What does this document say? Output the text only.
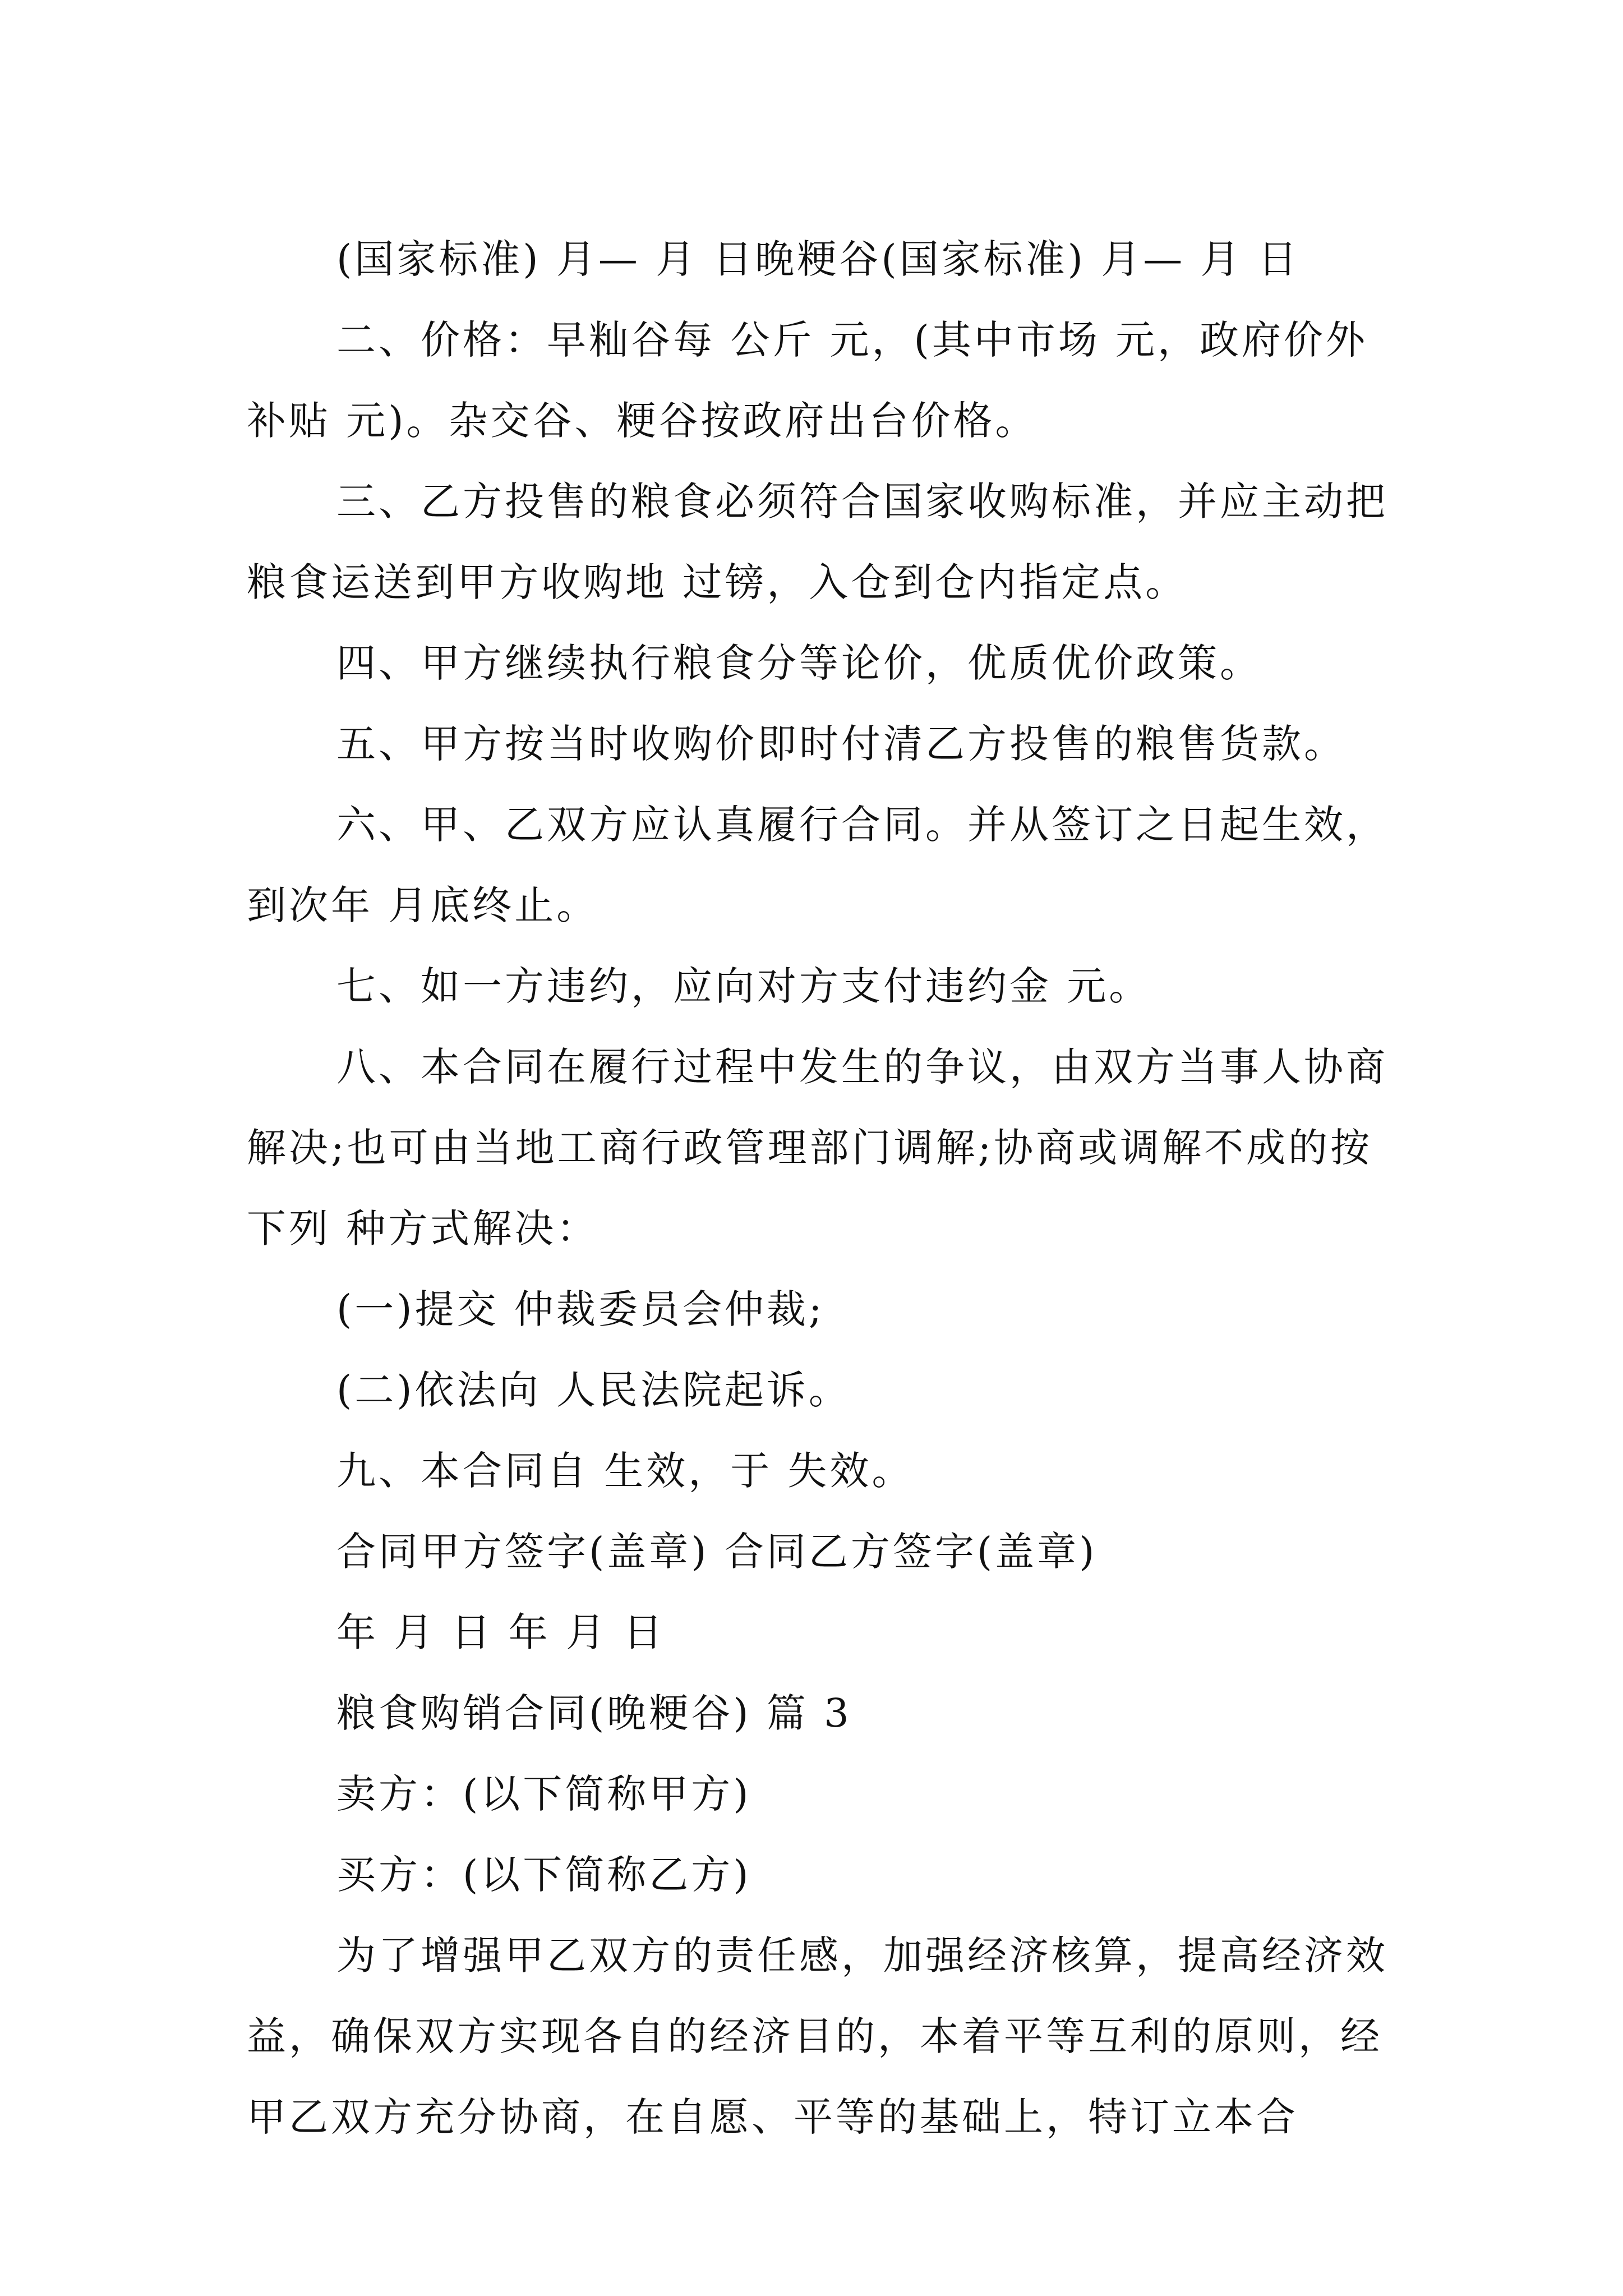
(国家标准) 月— 月 日晚粳谷(国家标准) 月— 月 日

二、价格：早籼谷每 公斤 元，(其中市场 元，政府价外补贴 元)。杂交谷、粳谷按政府出台价格。

三、乙方投售的粮食必须符合国家收购标准，并应主动把粮食运送到甲方收购地 过镑，入仓到仓内指定点。

四、甲方继续执行粮食分等论价，优质优价政策。

五、甲方按当时收购价即时付清乙方投售的粮售货款。

六、甲、乙双方应认真履行合同。并从签订之日起生效，到次年 月底终止。

七、如一方违约，应向对方支付违约金 元。

八、本合同在履行过程中发生的争议，由双方当事人协商解决;也可由当地工商行政管理部门调解;协商或调解不成的按下列 种方式解决：

(一)提交 仲裁委员会仲裁;

(二)依法向 人民法院起诉。

九、本合同自 生效，于 失效。

合同甲方签字(盖章) 合同乙方签字(盖章)

年 月 日 年 月 日

粮食购销合同(晚粳谷) 篇 3

卖方：(以下简称甲方)

买方：(以下简称乙方)

为了增强甲乙双方的责任感，加强经济核算，提高经济效益，确保双方实现各自的经济目的，本着平等互利的原则，经甲乙双方充分协商，在自愿、平等的基础上，特订立本合
